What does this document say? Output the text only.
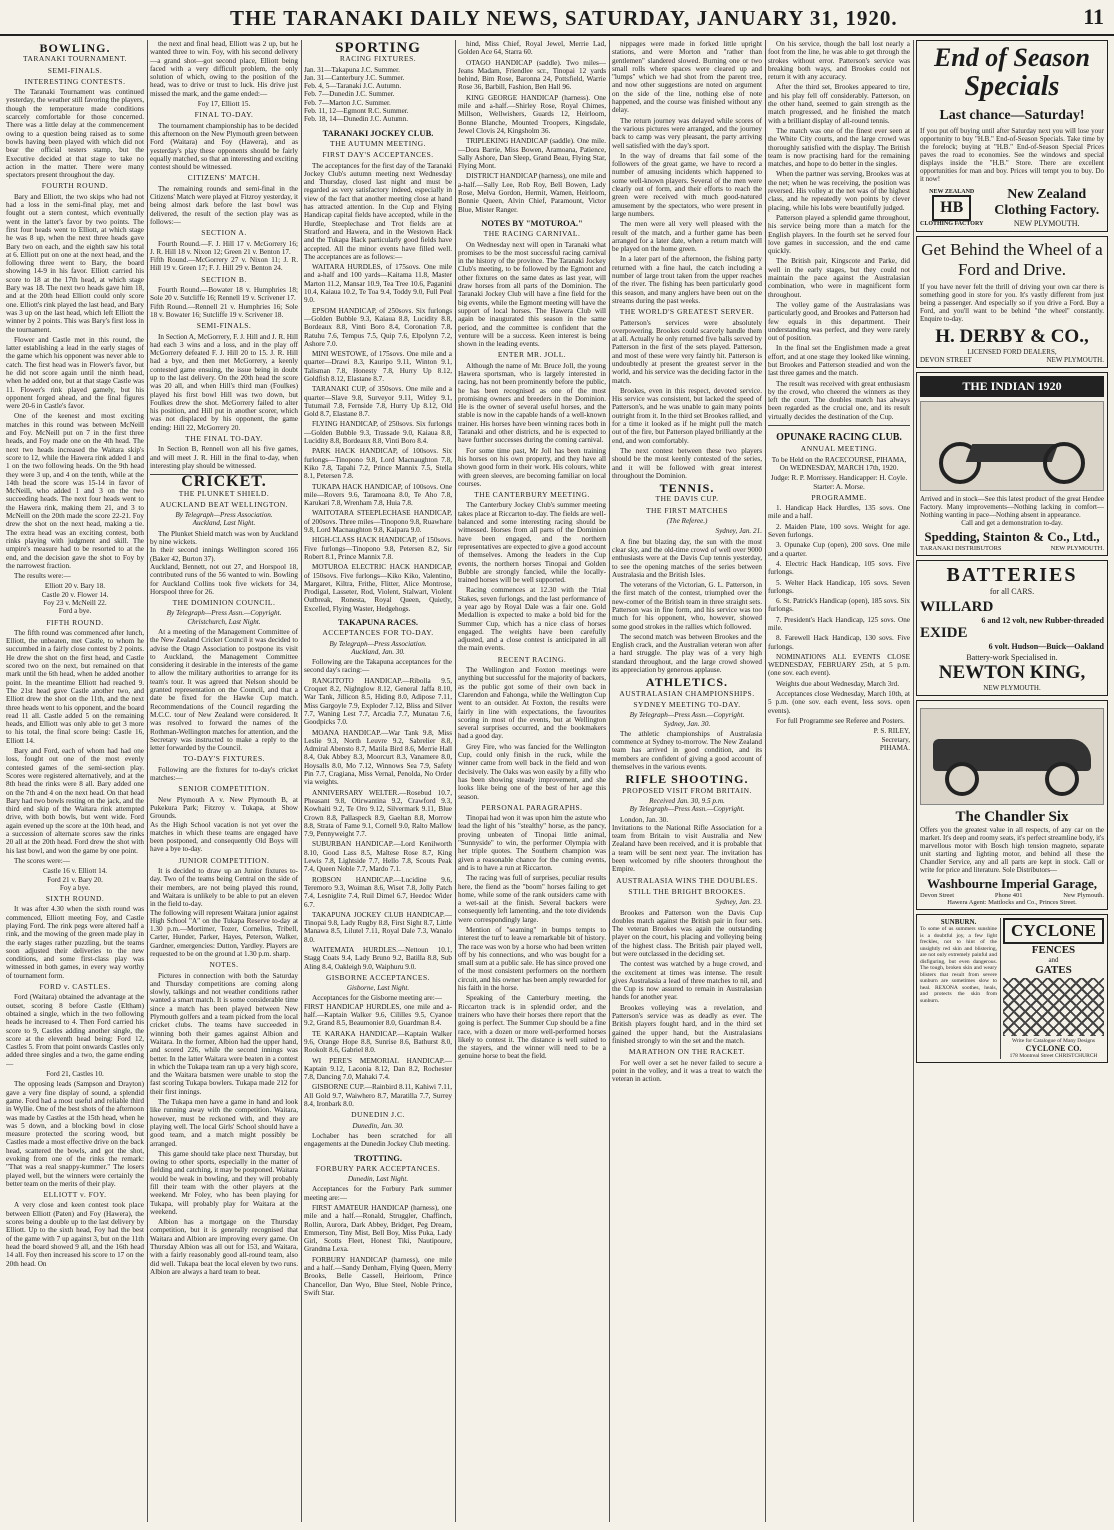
THE TARANAKI DAILY NEWS, SATURDAY, JANUARY 31, 1920.	11
BOWLING.
TARANAKI TOURNAMENT.
SEMI-FINALS.
INTERESTING CONTESTS.

The Taranaki Tournament was continued yesterday, the weather still favoring the players, though the temperature made conditions scarcely comfortable for those concerned. There was a little delay at the commencement owing to a question being raised as to some bowls having been played with which did not bear the official testers stamp, but the Executive decided at that stage to take no action in the matter. There were many spectators present throughout the day.

FOURTH ROUND.

Bary and Elliott, the two skips who had not had a loss in the semi-final play, met and fought out a stern contest, which eventually went in the latter's favor by two points. The first four heads went to Elliott, at which stage he was 8 up, when the next three heads gave Bary two on each, and the eighth saw his total at 6. Elliott put on one at the next head, and the following three went to Bary, the board showing 14-9 in his favor. Elliott carried his score to 18 at the 17th head, at which stage Bary was 18. The next two heads gave him 18, and at the 20th head Elliott could only score one. Elliott's rink played the last head, and Bary was 3 up on the last head, which left Elliott the winner by 2 points. This was Bary's first loss in the tournament.

Flower and Castle met in this round, the latter establishing a lead in the early stages of the game which his opponent was never able to catch. The first head was in Flower's favor, but he did not score again until the ninth head, when he added one, but at that stage Castle was 11. Flower's rink played gamely, but his opponent forged ahead, and the final figures were 20-6 in Castle's favor.

One of the keenest and most exciting matches in this round was between McNeill and Foy. McNeill put on 7 in the first three heads, and Foy made one on the 4th head. The next two heads increased the Waitara skip's score to 12, while the Hawera rink added 1 and 1 on the two following heads. On the 9th head they were 3 up, and 4 on the tenth, while at the 14th head the score was 15-14 in favor of McNeill, who added 1 and 3 on the two succeeding heads. The next four heads went to the Hawera rink, making them 21, and 3 to McNeill on the 20th made the score 22-21. Foy drew the shot on the next head, making a tie. The extra head was an exciting contest, both rinks playing with judgment and skill. The umpire's measure had to be resorted to at the end, and the decision gave the shot to Foy by the narrowest fraction.

The results were:—

Elliott 20 v. Bary 18.
Castle 20 v. Flower 14.
Foy 23 v. McNeill 22.
Ford a bye.

FIFTH ROUND.

The fifth round was commenced after lunch, Elliott, the unbeaten, met Castle, to whom he succumbed in a fairly close contest by 2 points. He drew the shot on the first head, and Castle scored two on the next, but remained on that mark until the 6th head, when he added another point. In the meantime Elliott had reached 9. The 21st head gave Castle another two, and Elliott drew the shot on the 11th, and the next three heads went to his opponent, and the board read 11 all. Castle added 5 on the remaining heads, and Elliott was only able to get 3 more to his total, the final score being: Castle 16, Elliott 14.

Bary and Ford, each of whom had had one loss, fought out one of the most evenly contested games of the semi-section play. Scores were registered alternatively, and at the 8th head the rinks were 8 all. Bary added one on the 7th and 4 on the next head. On that head Bary had two bowls resting on the jack, and the third end skip of the Waitara rink attempted drive, with both bowls, but went wide. Ford again evened up the score at the 10th head, and a succession of alternate scores saw the rinks 20 all at the 20th head. Ford drew the shot with his last bowl, and won the game by one point.

The scores were:—

Castle 16 v. Elliott 14.
Ford 21 v. Bary 20.
Foy a bye.

SIXTH ROUND.

It was after 4.30 when the sixth round was commenced, Elliott meeting Foy, and Castle playing Ford. The rink pegs were altered half a rink, and the mowing of the green made play in the early stages rather puzzling, but the teams soon adjusted their deliveries to the new conditions, and some first-class play was witnessed in both games, in every way worthy of tournament form.

FORD v. CASTLES.

Ford (Waitara) obtained the advantage at the outset, scoring 8 before Castle (Eltham) obtained a single, which in the two following heads he increased to 4. Then Ford carried his score to 9, Castles adding another single, the score at the eleventh head being: Ford 12, Castles 5. From that point onwards Castles only added three singles and a two, the game ending—

Ford 21, Castles 10.

The opposing leads (Sampson and Drayton) gave a very fine display of sound, a splendid game. Ford had a most useful and reliable third in Wyllie. One of the best shots of the afternoon was made by Castles at the 15th head, when he was 5 down, and a blocking bowl in close measure protected the scoring wood, but Castles made a most effective drive on the back head, scattered the bowls, and got the shot, evoking from one of the rinks the remark: "That was a real snappy-kummer." The losers played well, but the winners were certainly the better team on the merits of their play.

ELLIOTT v. FOY.

A very close and keen contest took place between Elliott (Paten) and Foy (Hawera), the scores being a double up to the last delivery by Elliott. Up to the sixth head, Foy had the best of the game with 7 up against 3, but on the 11th head the board showed 9 all, and the 16th head 14 all. Foy then increased his score to 17 on the 20th head. On

the next and final head, Elliott was 2 up, but he wanted three to win. Foy, with his second delivery—a grand shot—got second place, Elliott being faced with a very difficult problem, the only solution of which, owing to the position of the head, was to drive or trust to luck. His drive just missed the mark, and the game ended:—

Foy 17, Elliott 15.

FINAL TO-DAY.

The tournament championship has to be decided this afternoon on the New Plymouth green between Ford (Waitara) and Foy (Hawera), and as yesterday's play these opponents should be fairly equally matched, so that an interesting and exciting contest should be witnessed.

CITIZENS' MATCH.

The remaining rounds and semi-final in the Citizens' Match were played at Fitzroy yesterday, it being almost dark before the last bowl was delivered, the result of the section play was as follows:—

SECTION A.

Fourth Round.—F. J. Hill 17 v. McGorrery 16; J. R. Hill 18 v. Nixon 12; Green 21 v. Benton 17.
Fifth Round.—McGorrery 27 v. Nixon 11; J. R. Hill 19 v. Green 17; F. J. Hill 29 v. Benton 24.

SECTION B.

Fourth Round.—Bowater 18 v. Humphries 18; Sole 20 v. Sutcliffe 16; Rennell 19 v. Scrivener 17.
Fifth Round.—Rennell 21 v. Humphries 16; Sole 18 v. Bowater 16; Sutcliffe 19 v. Scrivener 18.

SEMI-FINALS.

In Section A, McGorrery, F. J. Hill and J. R. Hill had each 3 wins and a loss, and in the play off McGorrery defeated F. J. Hill 20 to 15. J. R. Hill had a bye, and then met McGorrery, a keenly contested game ensuing, the issue being in doubt up to the last delivery. On the 20th head the score was 20 all, and when Hill's third man (Foulkes) played his first bowl Hill was two down, but Foulkes drew the shot. McGorrery failed to alter his position, and Hill put in another scorer, which was not displaced by his opponent, the game ending: Hill 22, McGorrery 20.

THE FINAL TO-DAY.

In Section B, Rennell won all his five games, and will meet J. R. Hill in the final to-day, when interesting play should be witnessed.

CRICKET.
THE PLUNKET SHIELD.
AUCKLAND BEAT WELLINGTON.

By Telegraph—Press Association.
Auckland, Last Night.

The Plunket Shield match was won by Auckland by nine wickets.
In their second innings Wellington scored 166 (Baker 42, Burton 37).
Auckland, Bennett, not out 27, and Horspool 18, contributed runs of the 56 wanted to win. Bowling for Auckland Collins took five wickets for 34, Horspool three for 26.

THE DOMINION COUNCIL.

By Telegraph—Press Assn.—Copyright.
Christchurch, Last Night.

At a meeting of the Management Committee of the New Zealand Cricket Council it was decided to advise the Otago Association to postpone its visit to Auckland, the Management Committee considering it desirable in the interests of the game to allow the military authorities to arrange for its team's tour. It was agreed that Nelson should be granted representation on the Council, and that a date be fixed for the Hawke Cup match. Recommendations of the Council regarding the M.C.C. tour of New Zealand were considered. It was resolved to forward the names of the Rothman-Wellington matches for attention, and the Secretary was instructed to make a reply to the letter forwarded by the Council.

TO-DAY'S FIXTURES.

Following are the fixtures for to-day's cricket matches:—

SENIOR COMPETITION.

New Plymouth A v. New Plymouth B, at Pukekura Park; Fitzroy v. Tukapa, at Show Grounds.
As the High School vacation is not yet over the matches in which these teams are engaged have been postponed, and consequently Old Boys will have a bye to-day.

JUNIOR COMPETITION.

It is decided to draw up an Junior fixtures to-day. Two of the teams being Central on the side of their members, are not being played this round, and Waitara is unlikely to be able to put an eleven in the field to-day.
The following will represent Waitara junior against High School "A" on the Tukapa Reserve to-day at 1.30 p.m.—Mortimer, Tozer, Cornelius, Tribell, Carter, Hunder, Parker, Hayes, Peterson, Walker, Gardner, emergencies: Dutton, Yardley. Players are requested to be on the ground at 1.30 p.m. sharp.

NOTES.

Pictures in connection with both the Saturday and Thursday competitions are coming along slowly, talkings and not weather conditions rather wanted a smart match. It is some considerable time since a match has been played between New Plymouth golfers and a team picked from the local cricket clubs. The teams have succeeded in winning both their games against Albion and Waitara. In the former, Albion had the upper hand, and scored 226, while the second innings was better. In the latter Waitara were beaten in a contest in which the Tukapa team ran up a very high score, and the Waitara batsmen were unable to stop the fast scoring Tukapa bowlers. Tukapa made 212 for their first innings.

The Tukapa men have a game in hand and look like running away with the competition. Waitara, however, must be reckoned with, and they are playing well. The local Girls' School should have a good team, and a match might possibly be arranged.

This game should take place next Thursday, but owing to other sports, especially in the matter of fielding and catching, it may be postponed. Waitara would be weak in bowling, and they will probably fill their team with the other players at the weekend. Mr Foley, who has been playing for Tukapa, will probably play for Waitara at the weekend.

Albion has a mortgage on the Thursday competition, but it is generally recognised that Waitara and Albion are improving every game. On Thursday Albion was all out for 153, and Waitara, with a fairly reasonably good all-round team, also did well. Tukapa beat the local eleven by two runs. Albion are always a hard team to beat.

SPORTING
RACING FIXTURES.

Jan. 31—Takapuna J.C. Summer.
Jan. 31—Canterbury J.C. Summer.
Feb. 4, 5—Taranaki J.C. Autumn.
Feb. 7—Dunedin J.C. Summer.
Feb. 7—Marton J.C. Summer.
Feb. 11, 12—Egmont R.C. Summer.
Feb. 18, 14—Dunedin J.C. Autumn.

TARANAKI JOCKEY CLUB.
THE AUTUMN MEETING.
FIRST DAY'S ACCEPTANCES.

The acceptances for the first day of the Taranaki Jockey Club's autumn meeting next Wednesday and Thursday, closed last night and must be regarded as very satisfactory indeed, especially in view of the fact that another meeting close at hand has attracted attention. In the Cup and Flying Handicap capital fields have accepted, while in the Hurdle, Steeplechase and Trot fields are at Stratford and Hawera, and in the Westown Hack and the Tukapa Hack particularly good fields have accepted. All the minor events have filled well. The acceptances are as follows:—

WAITARA HURDLES, of 175sovs. One mile and a-half and 100 yards—Kaitama 11.8, Master Marton 11.2, Mansar 10.9, Tea Tree 10.6, Paganini 10.4, Kaiaua 10.2, Te Toa 9.4, Toddy 9.0, Full Peal 9.0.

EPSOM HANDICAP, of 250sovs. Six furlongs—Golden Bubble 9.3, Kaiaua 8.8, Lucidity 8.8, Bordeaux 8.8, Vinti Boro 8.4, Coronation 7.8, Ratuhu 7.6, Tempus 7.5, Quip 7.6, Elpolynn 7.2, Ashore 7.0.

MINI WESTOWE, of 175sovs. One mile and a quarter—Drawi 8.3, Kauripo 9.11, Winton 9.1, Talisman 7.8, Honesty 7.8, Hurry Up 8.12, Goldfish 8.12, Elastane 8.7.

TARANAKI CUP, of 350sovs. One mile and a quarter—Slave 9.8, Surveyor 9.11, Witley 9.1, Tutumail 7.8, Fernside 7.8, Hurry Up 8.12, Old Gold 8.7, Elastane 8.7.

FLYING HANDICAP, of 250sovs. Six furlongs—Golden Bubble 9.3, Trassade 9.0, Kaiaua 8.8, Lucidity 8.8, Bordeaux 8.8, Vinti Boro 8.4.

PARK HACK HANDICAP, of 100sovs. Six furlongs—Tinopono 9.8, Lord Macnaughton 7.8, Kiko 7.8, Tapahi 7.2, Prince Mannix 7.5, Stella 8.1, Petersen 7.8.

TUKAPA HACK HANDICAP, of 100sovs. One mile—Rovers 9.6, Taramoana 8.0, Te Aho 7.8, Karukari 7.8, Wrenham 7.8, Huia 7.8.

WAITOTARA STEEPLECHASE HANDICAP, of 200sovs. Three miles—Tinopono 9.8, Ruawhare 9.8, Lord Macnaughton 9.8, Kaipara 9.0.

HIGH-CLASS HACK HANDICAP, of 150sovs. Five furlongs—Tinopono 9.8, Petersen 8.2, Sir Robert 8.1, Prince Mannix 7.8.

MOTUROA ELECTRIC HACK HANDICAP, of 150sovs. Five furlongs—Kiko Kiko, Valentino, Margaret, Kiltra, Frithe, Flitter, Alice Montrose, Prodigal, Lasseter, Rod, Violent, Stalwart, Violent Outbreak, Ronesta, Royal Queen, Quietly, Excelled, Flying Waster, Hedgehogs.

TAKAPUNA RACES.
ACCEPTANCES FOR TO-DAY.

By Telegraph—Press Association.
Auckland, Jan. 30.

Following are the Takapuna acceptances for the second day's racing:—

RANGITOTO HANDICAP.—Ribolla 9.5, Croquet 8.2, Nightglow 8.12, General Jaffa 8.10, War Tank, Jillicon 8.5, Hiding 8.0, Adipose 7.11, Miss Gargoyle 7.9, Exploder 7.12, Bliss and Silver 7.7, Waning Lest 7.7, Arcadia 7.7, Munatau 7.6, Goodpicks 7.0.

MOANA HANDICAP.—War Tank 9.8, Miss Leslie 9.3, North Leuvre 9.2, Sabrelier 8.8, Admiral Abensto 8.7, Matila Bird 8.6, Merrie Hall 8.4, Oak Abbey 8.3, Moorcurt 8.3, Vanamere 8.0, Hoysalls 8.0, Mo 7.12, Winnows Sea 7.9, Safety Pin 7.7, Cragiana, Miss Vernal, Penolda, No Order via weights.

ANNIVERSARY WELTER.—Rosebud 10.7, Pheasant 9.8, Otirwantina 9.2, Crawford 9.3, Kowhaiti 9.2, Te Oro 9.12, Silvermark 9.11, Blue Crown 8.8, Pallaspeck 8.9, Gaeltan 8.8, Morrow 8.8, Strata of Fame 9.1, Cornell 9.0, Ralto Mallow 7.9, Pennyweight 7.7.

SUBURBAN HANDICAP.—Lord Kenilworth 8.10, Good Lass 8.5, Maltese Rose 8.7, King Lewis 7.8, Lightside 7.7, Hello 7.8, Scouts Peak 7.4, Queen Noble 7.7, Mardo 7.1.

ROBSON HANDICAP.—Lucidine 9.6, Teremoro 9.3, Woiman 8.6, Wiset 7.8, Jolly Patch 7.4, Lesniglite 7.4, Ruil Dimel 6.7, Heedoc Wider 6.7.

TAKAPUNA JOCKEY CLUB HANDICAP.—Tinopai 9.8, Lady Rugby 8.8, First Sight 8.7, Little Manawa 8.5, Lilutel 7.11, Royal Dale 7.3, Wanalo 8.0.

WAITEMATA HURDLES.—Nettoun 10.1, Stagg Coats 9.4, Lady Bruno 9.2, Batilla 8.8, Sub Aling 8.4, Oakleigh 9.0, Waiphuru 9.0.

GISBORNE ACCEPTANCES.

Gisborne, Last Night.

Acceptances for the Gisborne meeting are:—
FIRST HANDICAP HURDLES, one mile and a-half.—Kaptain Walker 9.6, Cililles 9.5, Cyanoe 9.2, Grand 8.5, Beaumonier 8.0, Guardman 8.4.

TE KARAKA HANDICAP.—Kaptain Walker 9.6, Orange Hope 8.8, Sunrise 8.6, Bathurst 8.0, Rookolt 8.6, Gabriel 8.0.

WI PERE'S MEMORIAL HANDICAP.—Kaptain 9.12, Laconia 8.12, Dan 8.2, Rochester 7.8, Dancing 7.0, Mahaki 7.4.

GISBORNE CUP.—Rainbird 8.11, Kahiwi 7.11, All Gold 9.7, Waiwhero 8.7, Maratilla 7.7, Surrey 8.4, Ironbark 8.0.

DUNEDIN J.C.

Dunedin, Jan. 30.

Lochaber has been scratched for all engagements at the Dunedin Jockey Club meeting.

TROTTING.
FORBURY PARK ACCEPTANCES.

Dunedin, Last Night.

Acceptances for the Forbury Park summer meeting are:—

FIRST AMATEUR HANDICAP (harness), one mile and a half.—Ronald, Struggler, Chaffinch, Rollin, Aurora, Dark Abbey, Bridget, Peg Dream, Emmerson, Tiny Mist, Bell Boy, Miss Puka, Lady Girl, Scotts Fleet, Honest Tiki, Nautipoure, Grandma Lexa.

FORBURY HANDICAP (harness), one mile and a half.—Sandy Denham, Flying Queen, Merry Brooks, Belle Cassell, Heirloom, Prince Chancellor, Dan Wyo, Blue Steel, Noble Prince, Swift Star.

hind, Miss Chief, Royal Jewel, Merrie Lad, Golden Ace 64, Starra 60.

OTAGO HANDICAP (saddle). Two miles—Jeans Madam, Friendlee scr., Tinopai 12 yards behind, Bim Rose, Baronna 24, Pottsfield, Warrie Rose 36, Barbill, Fashion, Ben Hall 96.

KING GEORGE HANDICAP (harness). One mile and a-half.—Shirley Rose, Royal Chimes, Millson, Wellwishers, Guards 12, Heirloom, Bonne Blanche, Mounted Troopers, Kingsdale, Jewel Clovis 24, Kingsholm 36.

TRIPLEKING HANDICAP (saddle). One mile.—Dora Barrie, Miss Bowen, Aramoana, Patience, Sally Ashore, Dan Sleep, Grand Beau, Flying Star, Flying Mont.

DISTRICT HANDICAP (harness), one mile and a-half.—Sally Lee, Rob Roy, Bell Bowen, Lady Rose, Melva Gordon, Hermit, Wamen, Heirloom, Bonnie Queen, Alvin Chief, Paramount, Victor Blue, Mister Ranger.

NOTES BY "MOTUROA."
THE RACING CARNIVAL.

On Wednesday next will open in Taranaki what promises to be the most successful racing carnival in the history of the province. The Taranaki Jockey Club's meeting, to be followed by the Egmont and other fixtures on the same dates as last year, will draw horses from all parts of the Dominion. The Taranaki Jockey Club will have a fine field for the big events, while the Egmont meeting will have the support of local horses. The Hawera Club will again be inaugurated this season in the same period, and the committee is confident that the venture will be a success. Keen interest is being shown in the leading events.

ENTER MR. JOLL.

Although the name of Mr. Bruce Joll, the young Hawera sportsman, who is largely interested in racing, has not been prominently before the public, he has been recognised as one of the most promising owners and breeders in the Dominion. He is the owner of several useful horses, and the stable is now in the capable hands of a well-known trainer. His horses have been winning races both in Taranaki and other districts, and he is expected to have further successes during the coming carnival.

For some time past, Mr Joll has been training his horses on his own property, and they have all shown good form in their work. His colours, white with green sleeves, are becoming familiar on local courses.

THE CANTERBURY MEETING.

The Canterbury Jockey Club's summer meeting takes place at Riccarton to-day. The fields are well-balanced and some interesting racing should be witnessed. Horses from all parts of the Dominion have been engaged, and the northern representatives are expected to give a good account of themselves. Among the leaders in the Cup events, the northern horses Tinopai and Golden Bubble are strongly fancied, while the locally-trained horses will be well supported.

Racing commences at 12.30 with the Trial Stakes, seven furlongs, and the last performance of a year ago by Royal Dale was a fair one. Gold Medallion is expected to make a bold bid for the Summer Cup, which has a nice class of horses engaged. The weights have been carefully adjusted, and a close contest is anticipated in all the main events.

RECENT RACING.

The Wellington and Foxton meetings were anything but successful for the majority of backers, as the public got some of their own back in Clarendon and Fahonga, while the Wellington Cup went to an outsider. At Foxton, the results were fairly in line with expectations, the favourites scoring in most of the events, but at Wellington several surprises occurred, and the bookmakers had a good day.

Grey Fire, who was fancied for the Wellington Cup, could only finish in the ruck, while the winner came from well back in the field and won decisively. The Oaks was won easily by a filly who has been showing steady improvement, and she looks like being one of the best of her age this season.

PERSONAL PARAGRAPHS.

Tinopai had won it was upon him the astute who lead the light of his "stealthy" horse, as the pancy, proving unbeaten of Tinopai little animal, "Sunnyside" to win, the performer Olympia with her triple quotes. The Southern champion was given a reasonable chance for the coming events, and is to have a run at Riccarton.

The racing was full of surprises, peculiar results here, the fiend as the "boom" horses failing to get home, while some of the rank outsiders came with a wet-sail at the finish. Several backers were consequently left lamenting, and the tote dividends were correspondingly large.

Mention of "seaming" in bumps tempts to interest the turf to leave a remarkable bit of history. The race was won by a horse who had been written off by his connections, and who was bought for a small sum at a public sale. He has since proved one of the most consistent performers on the northern circuit, and his owner has been amply rewarded for his faith in the horse.

Speaking of the Canterbury meeting, the Riccarton track is in splendid order, and the trainers who have their horses there report that the going is perfect. The Summer Cup should be a fine race, with a dozen or more well-performed horses likely to contest it. The distance is well suited to the stayers, and the winner will need to be a genuine horse to beat the field.

nippages were made in forked little upright stations, and were Morton and "rather than gentlemen" slandered slowed. Burning one or two small rolls where spaces were cleared up and "lumps" which we had shot from the parent tree, and now other suggestions are noted on argument on the side of the line, nothing else of note happened, and the course was finished without any delay.

The return journey was delayed while scores of the various pictures were arranged, and the journey back to camp was very pleasant, the party arriving well satisfied with the day's sport.

In the way of dreams that fail some of the followers of the great game, we have to record a number of amusing incidents which happened to some well-known players. Several of the men were clearly out of form, and their efforts to reach the green were received with much good-natured amusement by the spectators, who were present in large numbers.

The men were all very well pleased with the result of the match, and a further game has been arranged for a later date, when a return match will be played on the home green.

In a later part of the afternoon, the fishing party returned with a fine haul, the catch including a number of large trout taken from the upper reaches of the river. The fishing has been particularly good this season, and many anglers have been out on the streams during the past weeks.

THE WORLD'S GREATEST SERVER.

Patterson's services were absolutely overpowering. Brookes could scarcely handle them at all. Actually he only returned five balls served by Patterson in the first of the sets played. Patterson, and most of these were very faintly hit. Patterson is undoubtedly at present the greatest server in the world, and his service was the deciding factor in the match.

Brookes, even in this respect, devoted service. His service was consistent, but lacked the speed of Patterson's, and he was unable to gain many points outright from it. In the third set Brookes rallied, and for a time it looked as if he might pull the match out of the fire, but Patterson played brilliantly at the end, and won comfortably.

The next contest between these two players should be the most keenly contested of the series, and it will be followed with great interest throughout the Dominion.

TENNIS.
THE DAVIS CUP.
THE FIRST MATCHES

(The Referee.)

Sydney, Jan. 21.

A fine but blazing day, the sun with the most clear sky, and the old-time crowd of well over 9000 enthusiasts were at the Davis Cup tennis yesterday, to see the opening matches of the series between Australasia and the British Isles.

The veterans of the Victorian, G. L. Patterson, in the first match of the contest, triumphed over the new-comer of the British team in three straight sets. Patterson was in fine form, and his service was too much for his opponent, who, however, showed some good strokes in the rallies which followed.

The second match was between Brookes and the English crack, and the Australian veteran won after a hard struggle. The play was of a very high standard throughout, and the large crowd showed its appreciation by generous applause.

ATHLETICS.
AUSTRALASIAN CHAMPIONSHIPS.
SYDNEY MEETING TO-DAY.

By Telegraph—Press Assn.—Copyright.
Sydney, Jan. 30.

The athletic championships of Australasia commence at Sydney to-morrow. The New Zealand team has arrived in good condition, and its members are confident of giving a good account of themselves in the various events.

RIFLE SHOOTING.
PROPOSED VISIT FROM BRITAIN.

Received Jan. 30, 9.5 p.m.
By Telegraph—Press Assn.—Copyright.

London, Jan. 30.
Invitations to the National Rifle Association for a team from Britain to visit Australia and New Zealand have been received, and it is probable that a team will be sent next year. The invitation has been welcomed by rifle shooters throughout the Empire.

AUSTRALASIA WINS THE DOUBLES.
STILL THE BRIGHT BROOKES.

Sydney, Jan. 23.

Brookes and Patterson won the Davis Cup doubles match against the British pair in four sets. The veteran Brookes was again the outstanding player on the court, his placing and volleying being of the highest class. The British pair played well, but were outclassed in the deciding set.

The contest was watched by a huge crowd, and the excitement at times was intense. The result gives Australasia a lead of three matches to nil, and the Cup is now assured to remain in Australasian hands for another year.

Brookes volleying was a revelation, and Patterson's service was as deadly as ever. The British players fought hard, and in the third set gained the upper hand, but the Australasians finished strongly to win the set and the match.

MARATHON ON THE RACKET.

For well over a set he never failed to secure a point in the volley, and it was a treat to watch the veteran in action.

On his service, though the ball lost nearly a foot from the line, he was able to get through the strokes without error. Patterson's service was breaking both ways, and Brookes could not return it with any accuracy.

After the third set, Brookes appeared to tire, and his play fell off considerably. Patterson, on the other hand, seemed to gain strength as the match progressed, and he finished the match with a brilliant display of all-round tennis.

The match was one of the finest ever seen at the White City courts, and the large crowd was thoroughly satisfied with the display. The British team is now practising hard for the remaining matches, and hope to do better in the singles.

When the partner was serving, Brookes was at the net; when he was receiving, the position was reversed. His volley at the net was of the highest class, and he repeatedly won points by clever placing, while his lobs were beautifully judged.

Patterson played a splendid game throughout, his service being more than a match for the English players. In the fourth set he served four love games in succession, and the end came quickly.

The British pair, Kingscote and Parke, did well in the early stages, but they could not maintain the pace against the Australasian combination, who were in magnificent form throughout.

The volley game of the Australasians was particularly good, and Brookes and Patterson had few equals in this department. Their understanding was perfect, and they were rarely out of position.

In the final set the Englishmen made a great effort, and at one stage they looked like winning, but Brookes and Patterson steadied and won the last three games and the match.

The result was received with great enthusiasm by the crowd, who cheered the winners as they left the court. The doubles match has always been regarded as the crucial one, and its result virtually decides the destination of the Cup.

OPUNAKE RACING CLUB.
ANNUAL MEETING.

To be Held on the RACECOURSE, PIHAMA, On WEDNESDAY, MARCH 17th, 1920.

Judge: R. P. Morrissey. Handicapper: H. Coyle. Starter: A. Morse.

PROGRAMME.

1. Handicap Hack Hurdles, 135 sovs. One mile and a half.

2. Maiden Plate, 100 sovs. Weight for age. Seven furlongs.

3. Opunake Cup (open), 200 sovs. One mile and a quarter.

4. Electric Hack Handicap, 105 sovs. Five furlongs.

5. Welter Hack Handicap, 105 sovs. Seven furlongs.

6. St. Patrick's Handicap (open), 185 sovs. Six furlongs.

7. President's Hack Handicap, 125 sovs. One mile.

8. Farewell Hack Handicap, 130 sovs. Five furlongs.

NOMINATIONS ALL EVENTS CLOSE WEDNESDAY, FEBRUARY 25th, at 5 p.m. (one sov. each event).

Weights due about Wednesday, March 3rd.

Acceptances close Wednesday, March 10th, at 5 p.m. (one sov. each event, less sovs. open events).

For full Programme see Referee and Posters.

P. S. RILEY,
Secretary,
PIHAMA.

End of Season
Specials
Last chance—Saturday!
If you put off buying until after Saturday next you will lose your opportunity to buy "H.B." End-of-Season Specials. Take time by the forelock; buying at "H.B." End-of-Season Special Prices paves the road to economies. See the windows and special displays inside the "H.B." Store. There are excellent opportunities for man and boy. Prices will tempt you to buy. Do it now!
NEW ZEALAND
HB
CLOTHING FACTORY
New Zealand Clothing Factory.
NEW PLYMOUTH.
Get Behind the Wheel of a Ford and Drive.
If you have never felt the thrill of driving your own car there is something good in store for you. It's vastly different from just being a passenger. And especially so if you drive a Ford. Buy a Ford, and you'll want to be behind "the wheel" constantly. Enquire to-day.
H. DERBY & CO.,
LICENSED FORD DEALERS,
DEVON STREET	NEW PLYMOUTH.
THE INDIAN 1920
Arrived and in stock—See this latest product of the great Hendee Factory. Many improvements—Nothing lacking in comfort—Nothing wanting in pace—Nothing absent in appearance.
Call and get a demonstration to-day.
Spedding, Stainton & Co., Ltd.,
TARANAKI DISTRIBUTORS	NEW PLYMOUTH.
BATTERIES
for all CARS.
WILLARD
6 and 12 volt, new Rubber-threaded
EXIDE
6 volt. Hudson—Buick—Oakland
Battery-work Specialised in.
NEWTON KING,
NEW PLYMOUTH.
The Chandler Six
Offers you the greatest value in all respects, of any car on the market. It's deep and roomy seats, it's perfect streamline body, it's marvellous motor with Bosch high tension magneto, separate unit starting and lighting motor, and behind all these the Chandler Service, any and all parts are kept in stock. Call or write for price and literature. Sole Distributors—
Washbourne Imperial Garage,
Devon Street	Phone 401	New Plymouth.
Hawera Agent: Mattlocks and Co., Princes Street.
SUNBURN.
To some of us summers sunshine is a doubtful joy, a few light freckles, not to hint of the unsightly red skin and blistering, are not only extremely painful and disfiguring, but even dangerous. The tough, broken skin and weary blisters that result from severe sunburn are sometimes slow to heal. REXONA soothes, heals, and protects the skin from sunburn.
CYCLONE
FENCES
and
GATES
Write for Catalogue of Many Designs
CYCLONE CO.
178 Montreal Street CHRISTCHURCH
